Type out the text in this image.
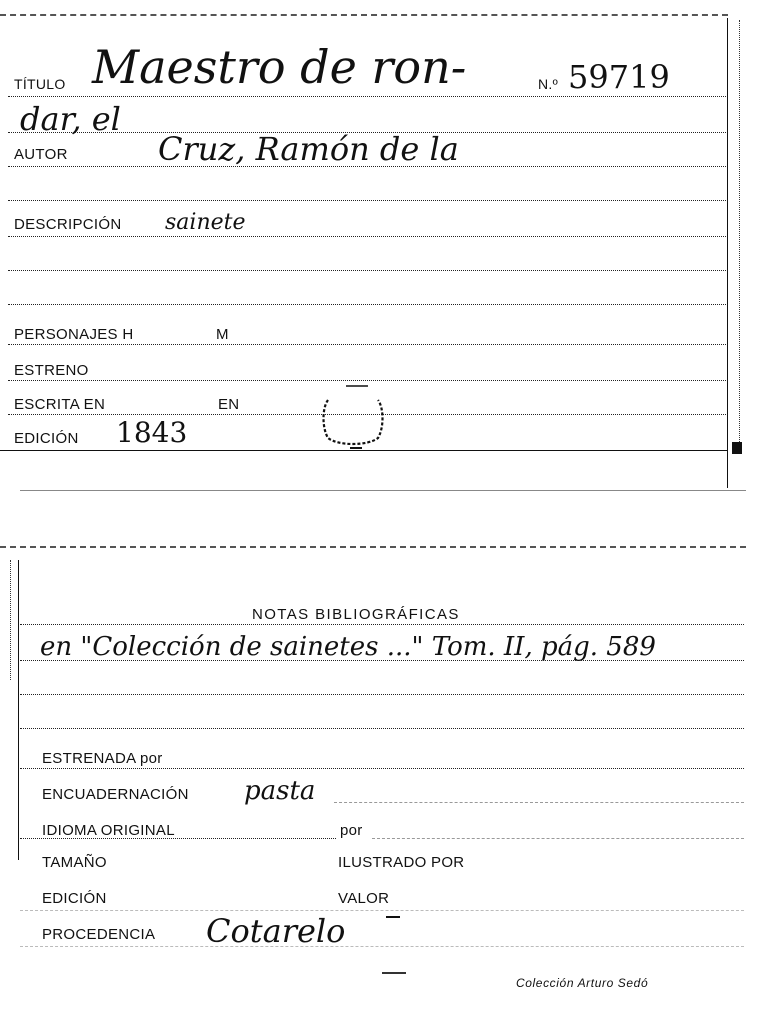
TÍTULO Maestro de ron-	N.º 59719
dar, el
AUTOR	Cruz, Ramón de la
DESCRIPCIÓN sainete
PERSONAJES H	M
ESTRENO
ESCRITA EN	EN
EDICIÓN 1843
NOTAS BIBLIOGRÁFICAS
en "Colección de sainetes ..." Tom. II, pág. 589
ESTRENADA por
ENCUADERNACIÓN pasta
IDIOMA ORIGINAL	por
TAMAÑO	ILUSTRADO POR
EDICIÓN	VALOR
PROCEDENCIA Cotarelo
Colección Arturo Sedó
